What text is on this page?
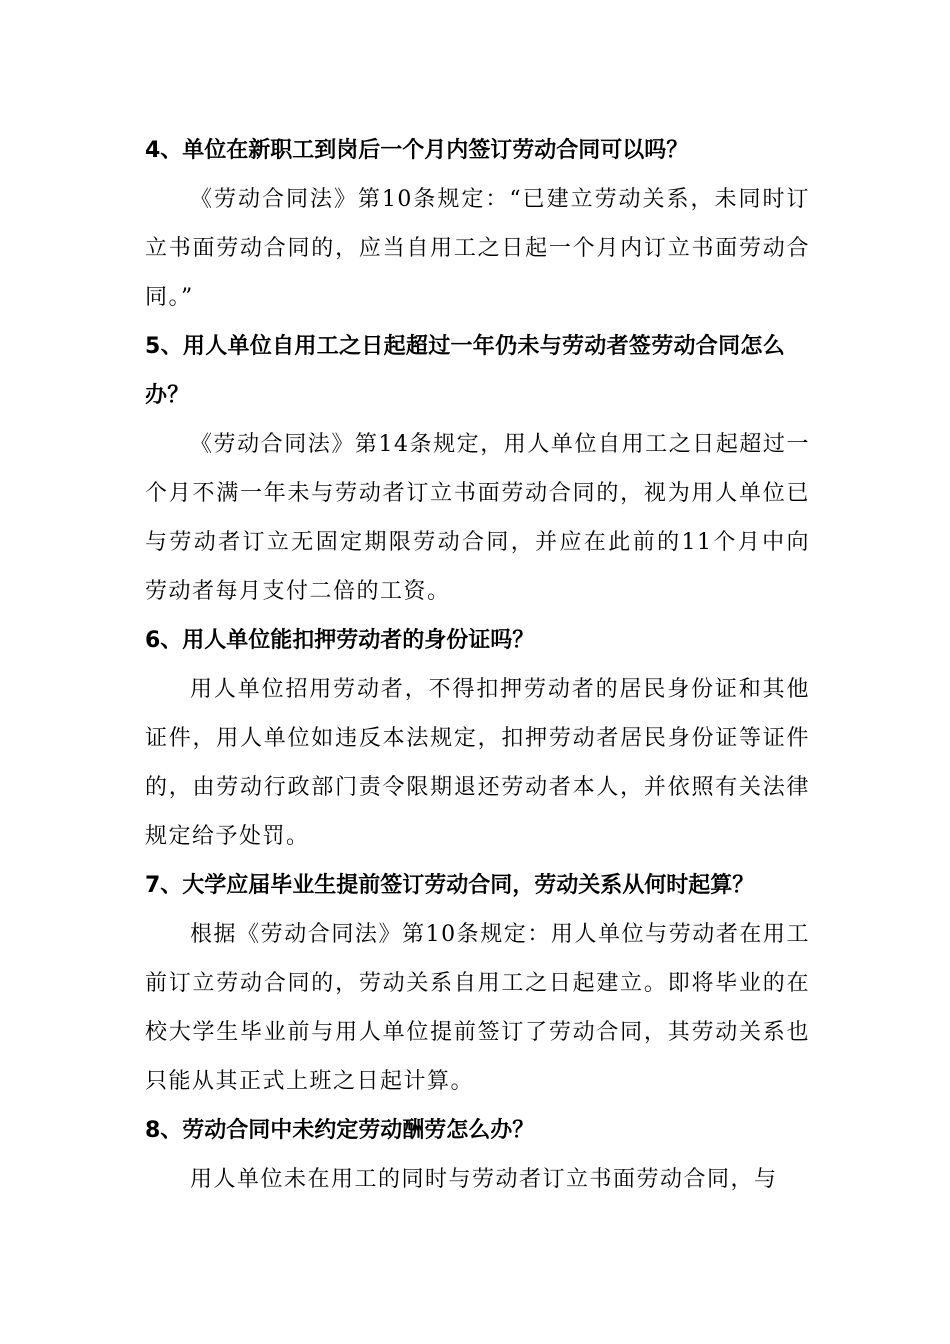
4、单位在新职工到岗后一个月内签订劳动合同可以吗？

《劳动合同法》第10条规定：“已建立劳动关系，未同时订立书面劳动合同的，应当自用工之日起一个月内订立书面劳动合同。”

5、用人单位自用工之日起超过一年仍未与劳动者签劳动合同怎么办？

《劳动合同法》第14条规定，用人单位自用工之日起超过一个月不满一年未与劳动者订立书面劳动合同的，视为用人单位已与劳动者订立无固定期限劳动合同，并应在此前的11个月中向劳动者每月支付二倍的工资。

6、用人单位能扣押劳动者的身份证吗？

用人单位招用劳动者，不得扣押劳动者的居民身份证和其他证件，用人单位如违反本法规定，扣押劳动者居民身份证等证件的，由劳动行政部门责令限期退还劳动者本人，并依照有关法律规定给予处罚。

7、大学应届毕业生提前签订劳动合同，劳动关系从何时起算？

根据《劳动合同法》第10条规定：用人单位与劳动者在用工前订立劳动合同的，劳动关系自用工之日起建立。即将毕业的在校大学生毕业前与用人单位提前签订了劳动合同，其劳动关系也只能从其正式上班之日起计算。

8、劳动合同中未约定劳动酬劳怎么办？

用人单位未在用工的同时与劳动者订立书面劳动合同，与
